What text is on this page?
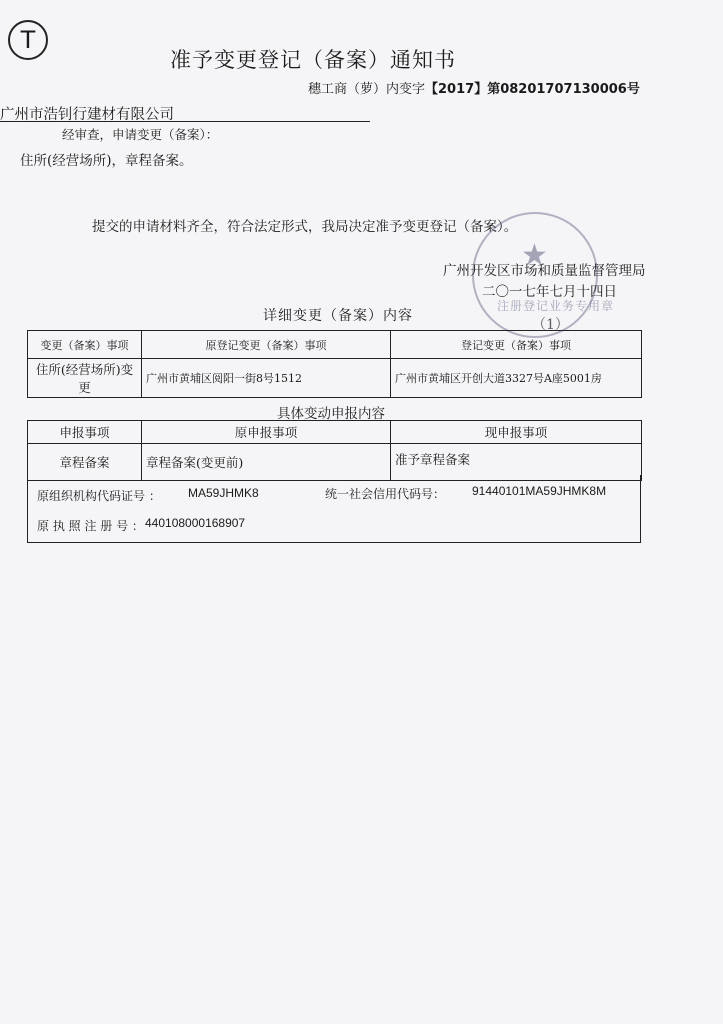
T
准予变更登记（备案）通知书
穗工商（萝）内变字【2017】第08201707130006号
广州市浩钊行建材有限公司
经审查，申请变更（备案）：
住所(经营场所)，章程备案。
提交的申请材料齐全，符合法定形式，我局决定准予变更登记（备案）。
★
注册登记业务专用章
广州开发区市场和质量监督管理局
二〇一七年七月十四日
（1）
详细变更（备案）内容
变更（备案）事项	原登记变更（备案）事项	登记变更（备案）事项
住所(经营场所)变更	广州市黄埔区阅阳一街8号1512	广州市黄埔区开创大道3327号A座5001房
具体变动申报内容
申报事项	原申报事项	现申报事项
章程备案	章程备案(变更前)	准予章程备案
原组织机构代码证号 ： MA59JHMK8	统一社会信用代码号： 91440101MA59JHMK8M
原 执 照 注 册 号 ： 440108000168907
